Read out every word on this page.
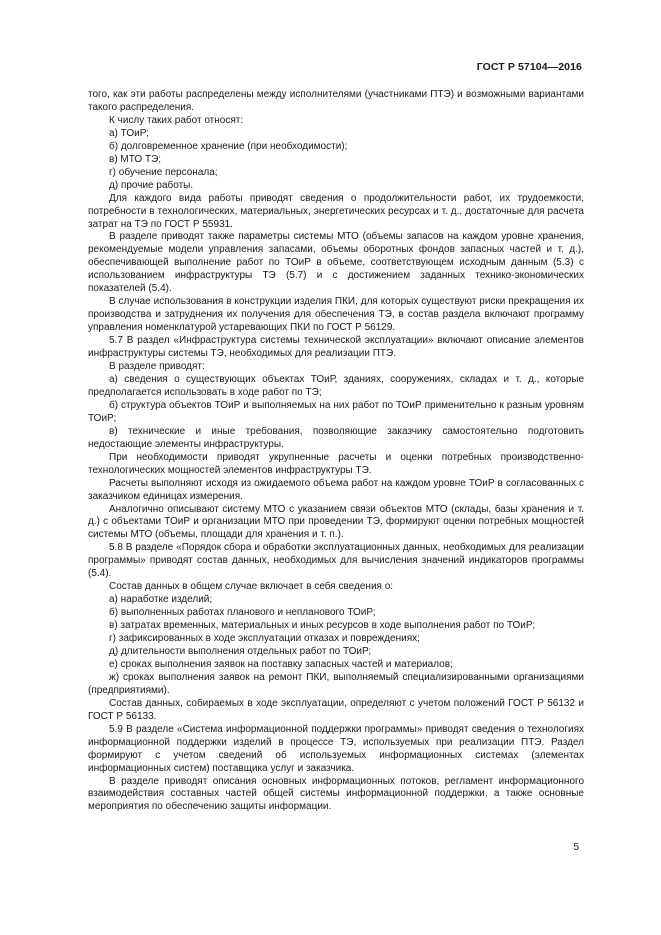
ГОСТ Р 57104—2016

того, как эти работы распределены между исполнителями (участниками ПТЭ) и возможными вариантами такого распределения.

К числу таких работ относят:

а) ТОиР;

б) долговременное хранение (при необходимости);

в) МТО ТЭ;

г) обучение персонала;

д) прочие работы.

Для каждого вида работы приводят сведения о продолжительности работ, их трудоемкости, потребности в технологических, материальных, энергетических ресурсах и т. д., достаточные для расчета затрат на ТЭ по ГОСТ Р 55931.

В разделе приводят также параметры системы МТО (объемы запасов на каждом уровне хранения, рекомендуемые модели управления запасами, объемы оборотных фондов запасных частей и т. д.), обеспечивающей выполнение работ по ТОиР в объеме, соответствующем исходным данным (5.3) с использованием инфраструктуры ТЭ (5.7) и с достижением заданных технико-экономических показателей (5.4).

В случае использования в конструкции изделия ПКИ, для которых существуют риски прекращения их производства и затруднения их получения для обеспечения ТЭ, в состав раздела включают программу управления номенклатурой устаревающих ПКИ по ГОСТ Р 56129.

5.7 В раздел «Инфраструктура системы технической эксплуатации» включают описание элементов инфраструктуры системы ТЭ, необходимых для реализации ПТЭ.

В разделе приводят:

а) сведения о существующих объектах ТОиР, зданиях, сооружениях, складах и т. д., которые предполагается использовать в ходе работ по ТЭ;

б) структура объектов ТОиР и выполняемых на них работ по ТОиР применительно к разным уровням ТОиР;

в) технические и иные требования, позволяющие заказчику самостоятельно подготовить недостающие элементы инфраструктуры.

При необходимости приводят укрупненные расчеты и оценки потребных производственно-технологических мощностей элементов инфраструктуры ТЭ.

Расчеты выполняют исходя из ожидаемого объема работ на каждом уровне ТОиР в согласованных с заказчиком единицах измерения.

Аналогично описывают систему МТО с указанием связи объектов МТО (склады, базы хранения и т. д.) с объектами ТОиР и организации МТО при проведении ТЭ, формируют оценки потребных мощностей системы МТО (объемы, площади для хранения и т. п.).

5.8 В разделе «Порядок сбора и обработки эксплуатационных данных, необходимых для реализации программы» приводят состав данных, необходимых для вычисления значений индикаторов программы (5.4).

Состав данных в общем случае включает в себя сведения о:

а) наработке изделий;

б) выполненных работах планового и непланового ТОиР;

в) затратах временных, материальных и иных ресурсов в ходе выполнения работ по ТОиР;

г) зафиксированных в ходе эксплуатации отказах и повреждениях;

д) длительности выполнения отдельных работ по ТОиР;

е) сроках выполнения заявок на поставку запасных частей и материалов;

ж) сроках выполнения заявок на ремонт ПКИ, выполняемый специализированными организациями (предприятиями).

Состав данных, собираемых в ходе эксплуатации, определяют с учетом положений ГОСТ Р 56132 и ГОСТ Р 56133.

5.9 В разделе «Система информационной поддержки программы» приводят сведения о технологиях информационной поддержки изделий в процессе ТЭ, используемых при реализации ПТЭ. Раздел формируют с учетом сведений об используемых информационных системах (элементах информационных систем) поставщика услуг и заказчика.

В разделе приводят описания основных информационных потоков, регламент информационного взаимодействия составных частей общей системы информационной поддержки, а также основные мероприятия по обеспечению защиты информации.

5
